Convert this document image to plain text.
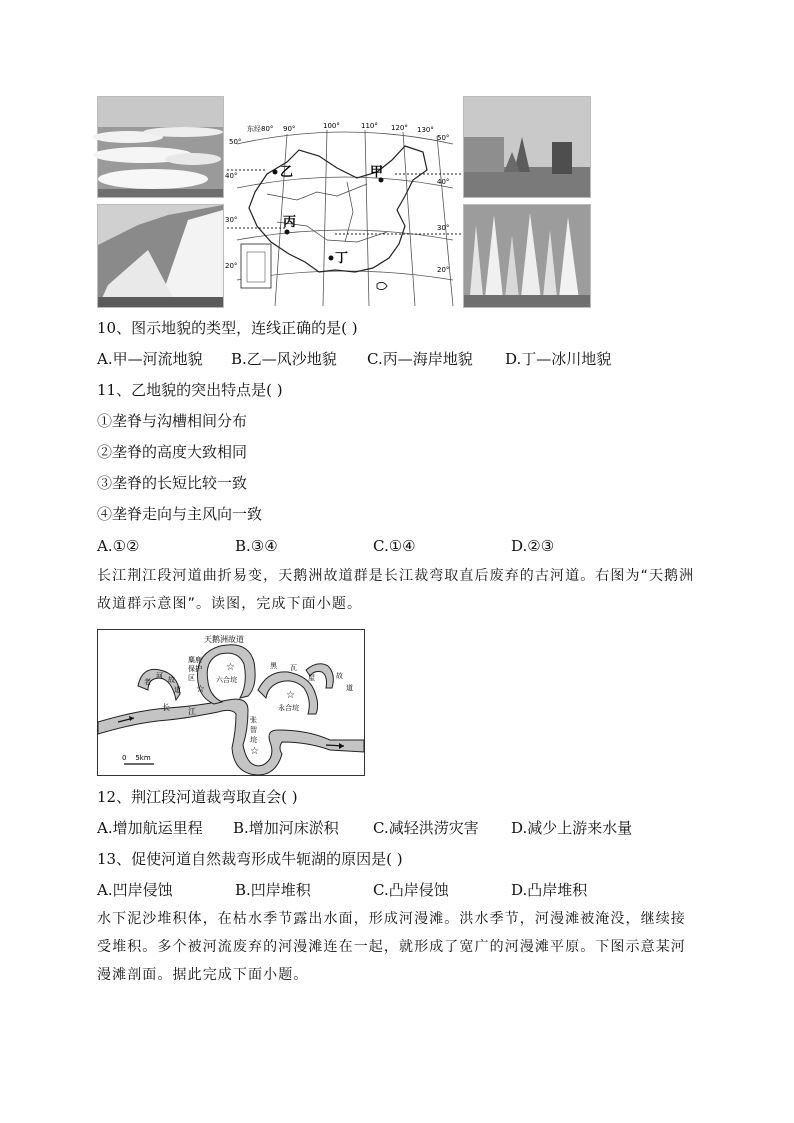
东经80° 90°	100°	110° 120° 130°
50°
40°
30°
20°
50°
40°
30°
20°
乙	甲
丙
丁
10、图示地貌的类型，连线正确的是( )
A.甲—河流地貌 B.乙—风沙地貌 C.丙—海岸地貌 D.丁—冰川地貌
11、乙地貌的突出特点是( )
①垄脊与沟槽相间分布
②垄脊的高度大致相同
③垄脊的长短比较一致
④垄脊走向与主风向一致
A.①②	B.③④	C.①④	D.②③
长江荆江段河道曲折易变，天鹅洲故道群是长江裁弯取直后废弃的古河道。右图为“天鹅洲故道群示意图”。读图，完成下面小题。
☆
☆
☆
☆
天鹅洲故道
麋鹿
保护
区
老
河 故
道
六合垸
黑 瓦
屋	故
道
永合垸
长 江
张
智
垸
0    5km
12、荆江段河道裁弯取直会( )
A.增加航运里程 B.增加河床淤积 C.减轻洪涝灾害 D.减少上游来水量
13、促使河道自然裁弯形成牛轭湖的原因是( )
A.凹岸侵蚀	B.凹岸堆积	C.凸岸侵蚀	D.凸岸堆积
水下泥沙堆积体，在枯水季节露出水面，形成河漫滩。洪水季节，河漫滩被淹没，继续接受堆积。多个被河流废弃的河漫滩连在一起，就形成了宽广的河漫滩平原。下图示意某河漫滩剖面。据此完成下面小题。
